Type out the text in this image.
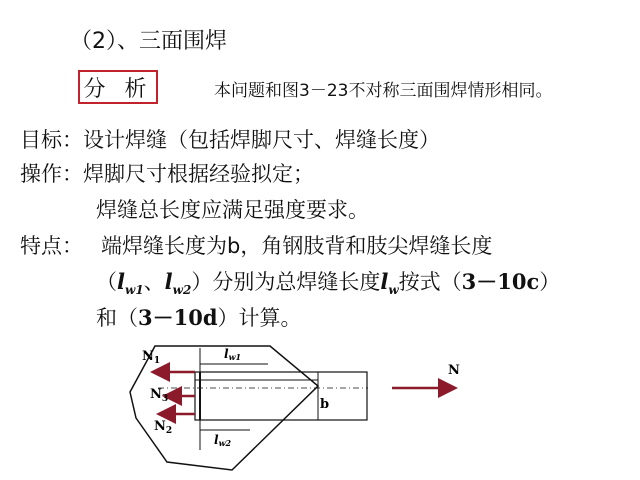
（2）、三面围焊
分 析	本问题和图3－23不对称三面围焊情形相同。
目标：设计焊缝（包括焊脚尺寸、焊缝长度）
操作：焊脚尺寸根据经验拟定；
焊缝总长度应满足强度要求。
特点： 端焊缝长度为b，角钢肢背和肢尖焊缝长度
（$l_{w1}$、$l_{w2}$）分别为总焊缝长度$l_w$按式（3－10c）
和（3－10d）计算。
$N_1$
$N_3$
$N_2$
N
b
lw1
lw2
